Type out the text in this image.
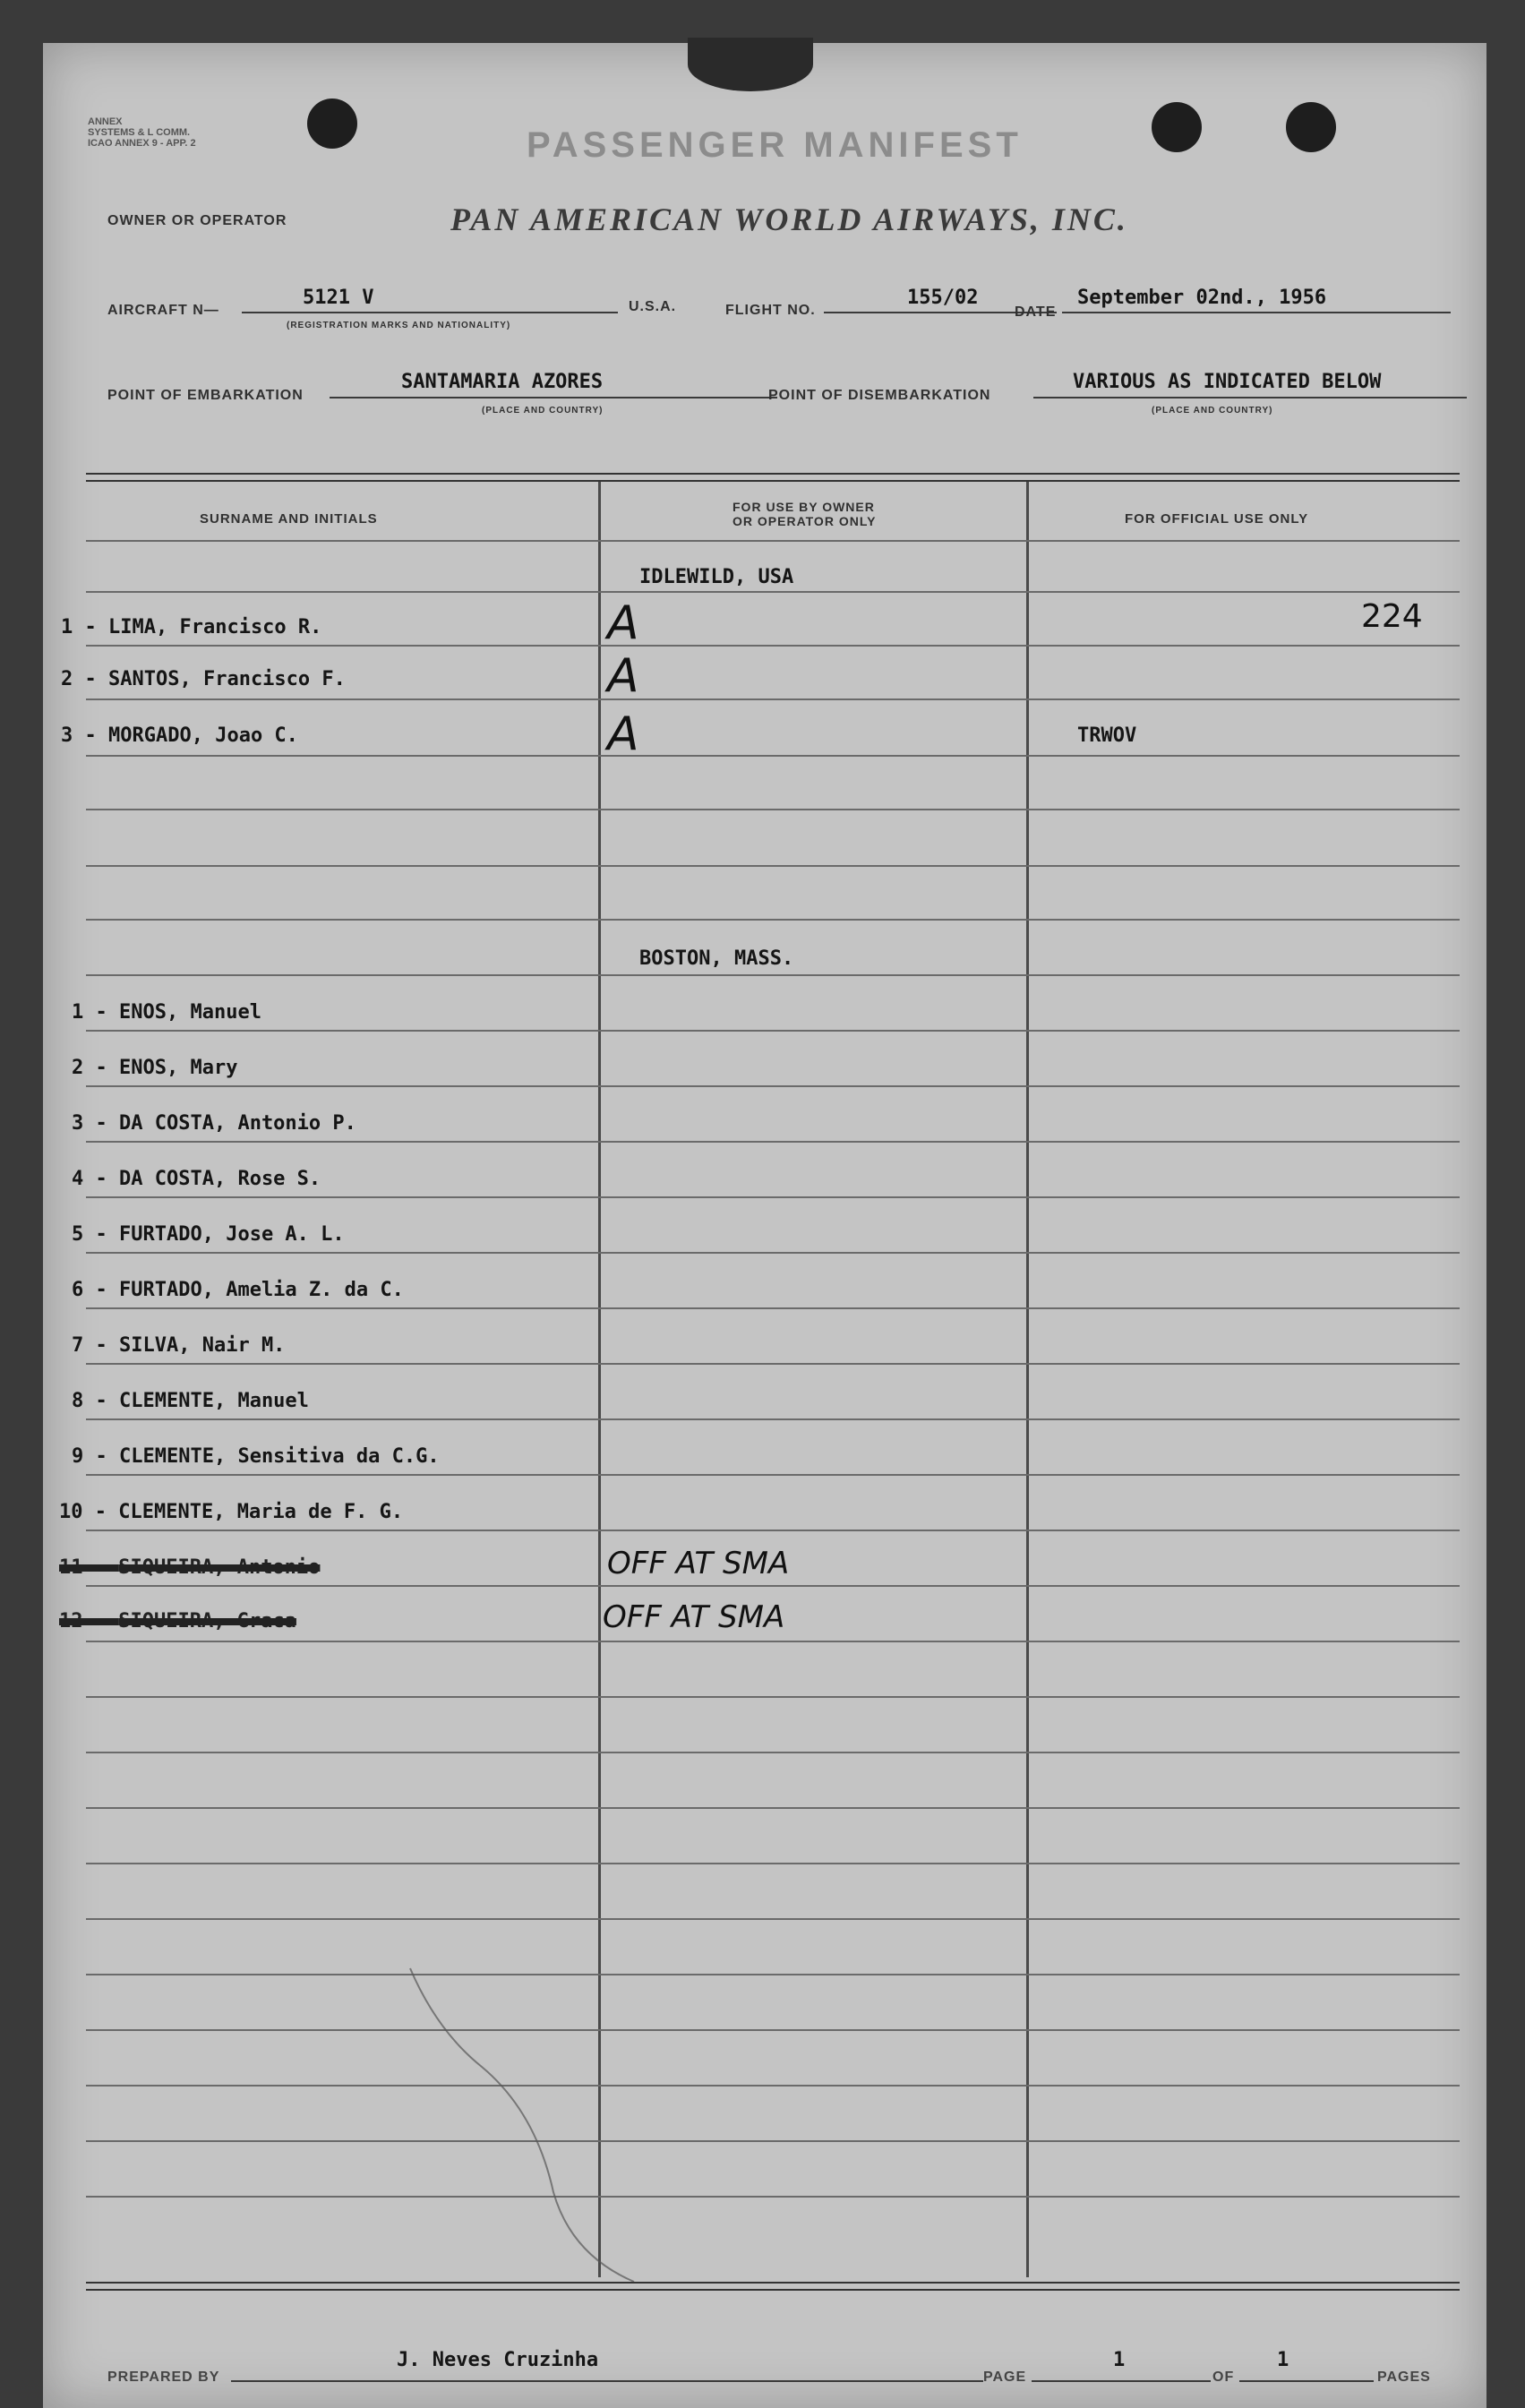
ANNEX
SYSTEMS & L COMM.
ICAO ANNEX 9 - APP. 2	PASSENGER MANIFEST
OWNER OR OPERATOR	PAN AMERICAN WORLD AIRWAYS, INC.
AIRCRAFT N—
5121 V
(REGISTRATION MARKS AND NATIONALITY)
U.S.A.	FLIGHT NO.
155/02
DATE
September 02nd., 1956
POINT OF EMBARKATION
SANTAMARIA AZORES
(PLACE AND COUNTRY)
POINT OF DISEMBARKATION
VARIOUS AS INDICATED BELOW
(PLACE AND COUNTRY)
SURNAME AND INITIALS
FOR USE BY OWNER
OR OPERATOR ONLY	FOR OFFICIAL USE ONLY
IDLEWILD, USA
1 - LIMA, Francisco R.	A	224
2 - SANTOS, Francisco F.	A
3 - MORGADO, Joao C.	A	TRWOV
BOSTON, MASS.
1 - ENOS, Manuel
2 - ENOS, Mary
3 - DA COSTA, Antonio P.
4 - DA COSTA, Rose S.
5 - FURTADO, Jose A. L.
6 - FURTADO, Amelia Z. da C.
7 - SILVA, Nair M.
8 - CLEMENTE, Manuel
9 - CLEMENTE, Sensitiva da C.G.
10 - CLEMENTE, Maria de F. G.
11 - SIQUEIRA, Antonio	OFF AT SMA
12 - SIQUEIRA, Graca	OFF AT SMA
PREPARED BY
J. Neves Cruzinha
PAGE
1
OF
1
PAGES
